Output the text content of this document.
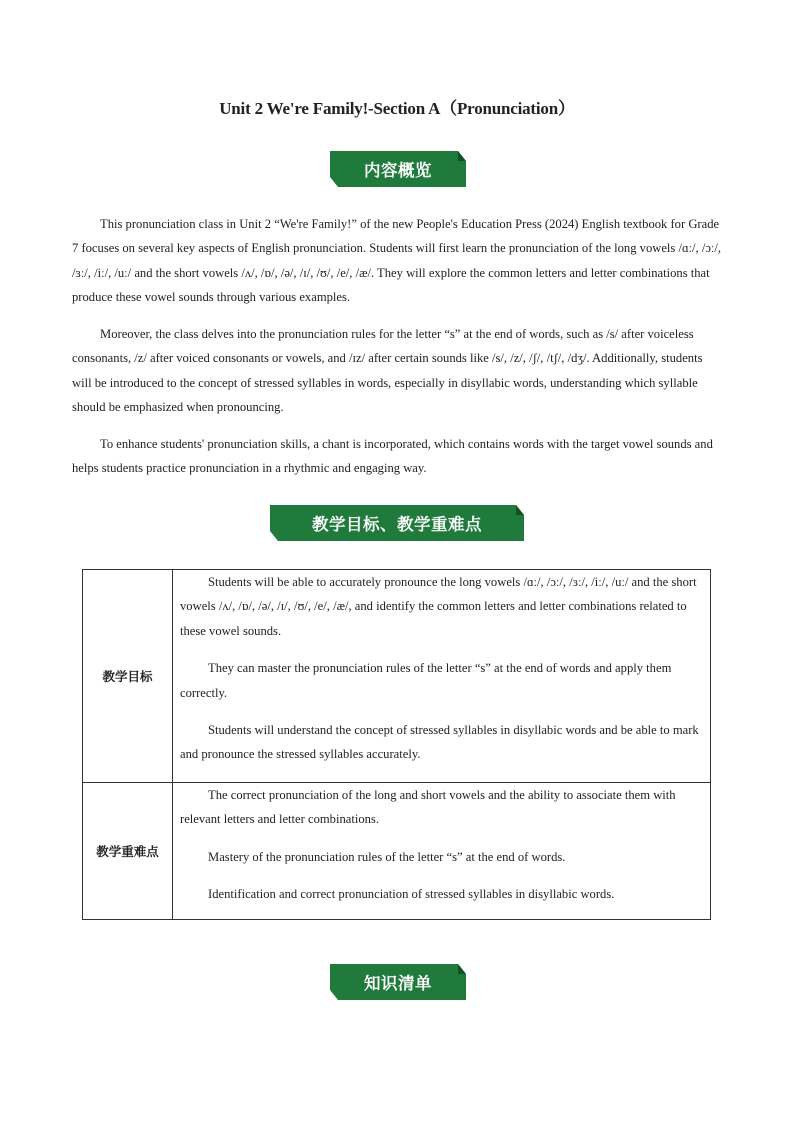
Unit 2 We're Family!-Section A（Pronunciation）
内容概览

This pronunciation class in Unit 2 “We're Family!” of the new People's Education Press (2024) English textbook for Grade 7 focuses on several key aspects of English pronunciation. Students will first learn the pronunciation of the long vowels /ɑː/, /ɔː/, /ɜː/, /iː/, /uː/ and the short vowels /ʌ/, /ɒ/, /ə/, /ɪ/, /ʊ/, /e/, /æ/. They will explore the common letters and letter combinations that produce these vowel sounds through various examples.

Moreover, the class delves into the pronunciation rules for the letter “s” at the end of words, such as /s/ after voiceless consonants, /z/ after voiced consonants or vowels, and /ɪz/ after certain sounds like /s/, /z/, /ʃ/, /tʃ/, /dʒ/. Additionally, students will be introduced to the concept of stressed syllables in words, especially in disyllabic words, understanding which syllable should be emphasized when pronouncing.

To enhance students' pronunciation skills, a chant is incorporated, which contains words with the target vowel sounds and helps students practice pronunciation in a rhythmic and engaging way.

教学目标、教学重难点
教学目标	Students will be able to accurately pronounce the long vowels /ɑː/, /ɔː/, /ɜː/, /iː/, /uː/ and the short vowels /ʌ/, /ɒ/, /ə/, /ɪ/, /ʊ/, /e/, /æ/, and identify the common letters and letter combinations related to these vowel sounds.

They can master the pronunciation rules of the letter “s” at the end of words and apply them correctly.

Students will understand the concept of stressed syllables in disyllabic words and be able to mark and pronounce the stressed syllables accurately.

教学重难点	The correct pronunciation of the long and short vowels and the ability to associate them with relevant letters and letter combinations.

Mastery of the pronunciation rules of the letter “s” at the end of words.

Identification and correct pronunciation of stressed syllables in disyllabic words.

知识清单
